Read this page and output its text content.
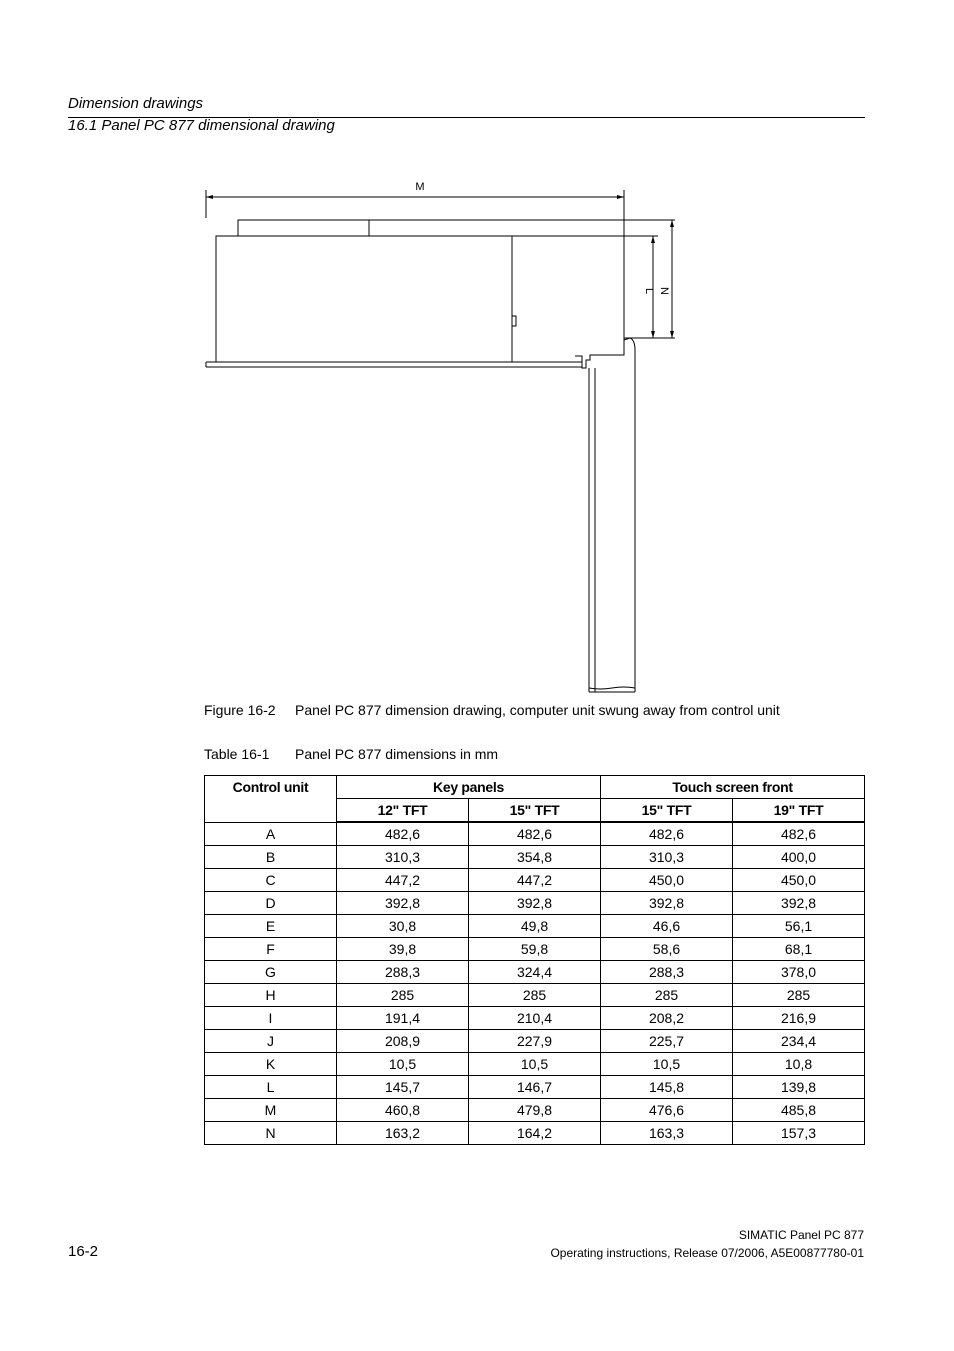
Dimension drawings
16.1 Panel PC 877 dimensional drawing
M
L N
Figure 16-2 Panel PC 877 dimension drawing, computer unit swung away from control unit
Table 16-1 Panel PC 877 dimensions in mm
Control unit	Key panels		Touch screen front	
	12" TFT	15" TFT	15" TFT	19" TFT
A	482,6	482,6	482,6	482,6
B	310,3	354,8	310,3	400,0
C	447,2	447,2	450,0	450,0
D	392,8	392,8	392,8	392,8
E	30,8	49,8	46,6	56,1
F	39,8	59,8	58,6	68,1
G	288,3	324,4	288,3	378,0
H	285	285	285	285
I	191,4	210,4	208,2	216,9
J	208,9	227,9	225,7	234,4
K	10,5	10,5	10,5	10,8
L	145,7	146,7	145,8	139,8
M	460,8	479,8	476,6	485,8
N	163,2	164,2	163,3	157,3
16-2
SIMATIC Panel PC 877
Operating instructions, Release 07/2006, A5E00877780-01
